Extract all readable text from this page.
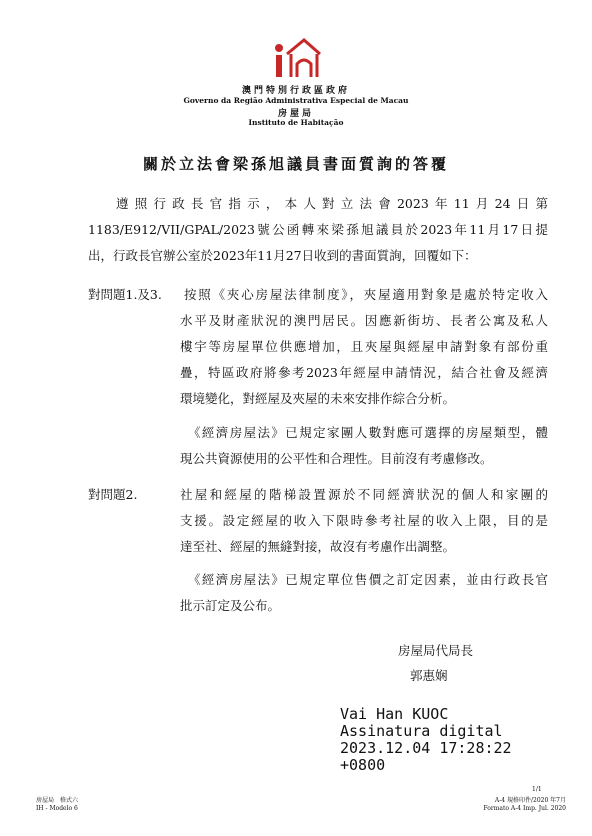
澳門特別行政區政府
Governo da Região Administrativa Especial de Macau
房屋局
Instituto de Habitação
關於立法會梁孫旭議員書面質詢的答覆
遵照行政長官指示，本人對立法會2023年11月24日第
1183/E912/VII/GPAL/2023號公函轉來梁孫旭議員於2023年11月17日提
出，行政長官辦公室於2023年11月27日收到的書面質詢，回覆如下：
對問題1.及3.	按照《夾心房屋法律制度》，夾屋適用對象是處於特定收入
水平及財產狀況的澳門居民。因應新街坊、長者公寓及私人
樓宇等房屋單位供應增加，且夾屋與經屋申請對象有部份重
疊，特區政府將參考2023年經屋申請情況，結合社會及經濟
環境變化，對經屋及夾屋的未來安排作綜合分析。
《經濟房屋法》已規定家團人數對應可選擇的房屋類型，體
現公共資源使用的公平性和合理性。目前沒有考慮修改。
對問題2.	社屋和經屋的階梯設置源於不同經濟狀況的個人和家團的
支援。設定經屋的收入下限時參考社屋的收入上限，目的是
達至社、經屋的無縫對接，故沒有考慮作出調整。
《經濟房屋法》已規定單位售價之訂定因素，並由行政長官
批示訂定及公布。
房屋局代局長
郭惠娴
Vai Han KUOC
Assinatura digital
2023.12.04 17:28:22
+0800
1/1
房屋局　格式六
IH - Modelo 6
A-4 規格印件/2020 年7月
Formato A-4 Imp. Jul. 2020
